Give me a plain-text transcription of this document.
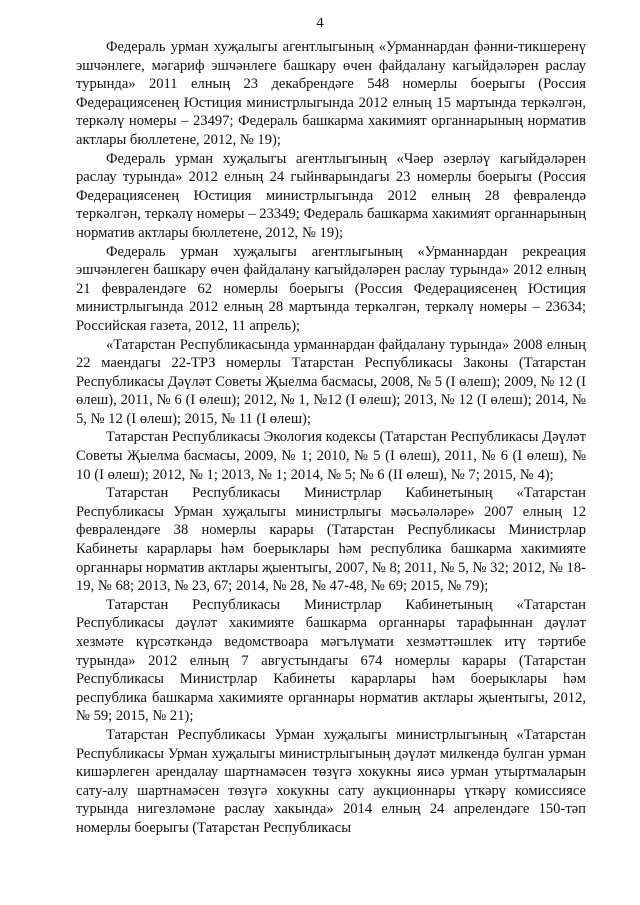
4

Федераль урман хуҗалыгы агентлыгының «Урманнардан фәнни-тикшеренү эшчәнлеге, мәгариф эшчәнлеге башкару өчен файдалану кагыйдәләрен раслау турында» 2011 елның 23 декабрендәге 548 номерлы боерыгы (Россия Федерациясенең Юстиция министрлыгында 2012 елның 15 мартында теркәлгән, теркәлү номеры – 23497; Федераль башкарма хакимият органнарының норматив актлары бюллетене, 2012, № 19);

Федераль урман хуҗалыгы агентлыгының «Чәер әзерләү кагыйдәләрен раслау турында» 2012 елның 24 гыйнварындагы 23 номерлы боерыгы (Россия Федерациясенең Юстиция министрлыгында 2012 елның 28 февралендә теркәлгән, теркәлү номеры – 23349; Федераль башкарма хакимият органнарының норматив актлары бюллетене, 2012, № 19);

Федераль урман хуҗалыгы агентлыгының «Урманнардан рекреация эшчәнлеген башкару өчен файдалану кагыйдәләрен раслау турында» 2012 елның 21 февралендәге 62 номерлы боерыгы (Россия Федерациясенең Юстиция министрлыгында 2012 елның 28 мартында теркәлгән, теркәлү номеры – 23634; Российская газета, 2012, 11 апрель);

«Татарстан Республикасында урманнардан файдалану турында» 2008 елның 22 маендагы 22-ТРЗ номерлы Татарстан Республикасы Законы (Татарстан Республикасы Дәүләт Советы Җыелма басмасы, 2008, № 5 (I өлеш); 2009, № 12 (I өлеш), 2011, № 6 (I өлеш); 2012, № 1, №12 (I өлеш); 2013, № 12 (I өлеш); 2014, № 5, № 12 (I өлеш); 2015, № 11 (I өлеш);

Татарстан Республикасы Экология кодексы (Татарстан Республикасы Дәүләт Советы Җыелма басмасы, 2009, № 1; 2010, № 5 (I өлеш), 2011, № 6 (I өлеш), № 10 (I өлеш); 2012, № 1; 2013, № 1; 2014, № 5; № 6 (II өлеш), № 7; 2015, № 4);

Татарстан Республикасы Министрлар Кабинетының «Татарстан Республикасы Урман хуҗалыгы министрлыгы мәсьәләләре» 2007 елның 12 февралендәге 38 номерлы карары (Татарстан Республикасы Министрлар Кабинеты карарлары һәм боерыклары һәм республика башкарма хакимияте органнары норматив актлары җыентыгы, 2007, № 8; 2011, № 5, № 32; 2012, № 18-19, № 68; 2013, № 23, 67; 2014, № 28, № 47-48, № 69; 2015, № 79);

Татарстан Республикасы Министрлар Кабинетының «Татарстан Республикасы дәүләт хакимияте башкарма органнары тарафыннан дәүләт хезмәте күрсәткәндә ведомствоара мәгълүмати хезмәттәшлек итү тәртибе турында» 2012 елның 7 августындагы 674 номерлы карары (Татарстан Республикасы Министрлар Кабинеты карарлары һәм боерыклары һәм республика башкарма хакимияте органнары норматив актлары җыентыгы, 2012, № 59; 2015, № 21);

Татарстан Республикасы Урман хуҗалыгы министрлыгының «Татарстан Республикасы Урман хуҗалыгы министрлыгының дәүләт милкендә булган урман кишәрлеген арендалау шартнамәсен төзүгә хокукны яисә урман утыртмаларын сату-алу шартнамәсен төзүгә хокукны сату аукционнары үткәрү комиссиясе турында нигезләмәне раслау хакында» 2014 елның 24 апрелендәге 150-тәп номерлы боерыгы (Татарстан Республикасы
